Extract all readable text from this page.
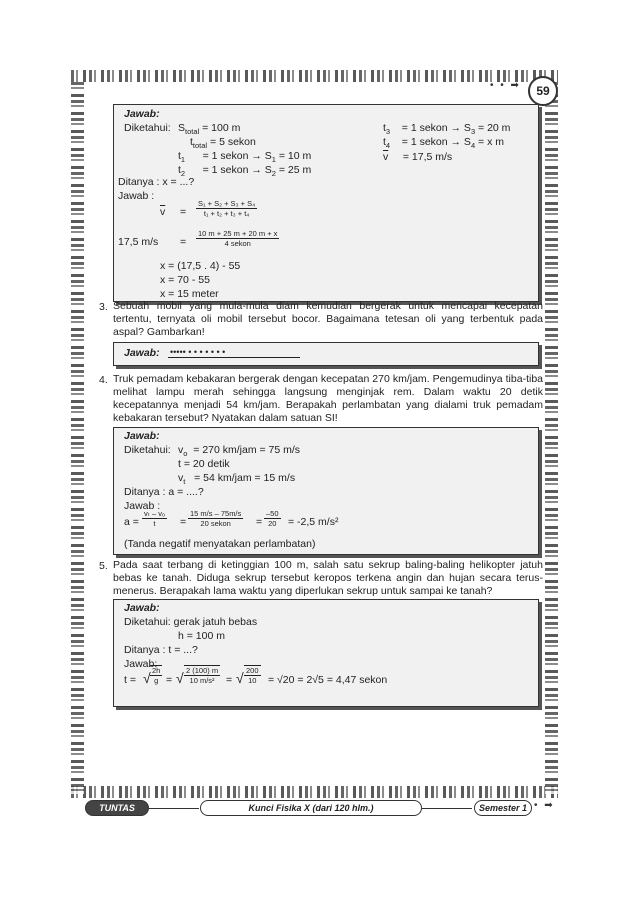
• • ➡ 59
Jawab:
Diketahui: $S_{total} = 100$ m
$t_{total} = 5$ sekon
$t_1 = 1$ sekon → $S_1 = 10$ m
$t_2 = 1$ sekon → $S_2 = 25$ m
$t_3 = 1$ sekon → $S_3 = 20$ m
$t_4 = 1$ sekon → $S_4 = x$ m
$\overline{v} = 17,5$ m/s
Ditanya : x = ...?
Jawab :
$\overline{v} = \frac{\text{S₁ + S₂ + S₃ + S₄}}{\text{t₁ + t₂ + t₃ + t₄}}$
17,5 m/s =
10 m + 25 m + 20 m + x
4 sekon
x = (17,5 . 4) - 55
x = 70 - 55
x = 15 meter
3. Sebuah mobil yang mula-mula diam kemudian bergerak untuk mencapai kecepatan tertentu, ternyata oli mobil tersebut bocor. Bagaimana tetesan oli yang terbentuk pada aspal? Gambarkan!
Jawab: ••••• • • • • • • •
4. Truk pemadam kebakaran bergerak dengan kecepatan 270 km/jam. Pengemudinya tiba-tiba melihat lampu merah sehingga langsung menginjak rem. Dalam waktu 20 detik kecepatannya menjadi 54 km/jam. Berapakah perlambatan yang dialami truk pemadam kebakaran tersebut? Nyatakan dalam satuan SI!
Jawab:
Diketahui: $v_o = 270$ km/jam = 75 m/s
t = 20 detik
$v_t = 54$ km/jam = 15 m/s
Ditanya : a = ....?
Jawab :
$a = \frac{\text{vₜ – vₒ}}{t}$ =
15 m/s – 75m/s
20 sekon	= $\frac{-50}{20} = -2,5$ m/s²
(Tanda negatif menyatakan perlambatan)
5. Pada saat terbang di ketinggian 100 m, salah satu sekrup baling-baling helikopter jatuh bebas ke tanah. Diduga sekrup tersebut keropos terkena angin dan hujan secara terus-menerus. Berapakah lama waktu yang diperlukan sekrup untuk sampai ke tanah?
Jawab:
Diketahui: gerak jatuh bebas
h = 100 m
Ditanya : t = ...?
Jawab:
t = √ $\frac{2h}{g}$ = √ $\frac{2 (100) m}{\text{10 m/s²}}$ = √ $\frac{200}{10} = √20 = 2√5 = 4,47$ sekon
TUNTAS	Kunci Fisika X (dari 120 hlm.)	Semester 1 • ➡
